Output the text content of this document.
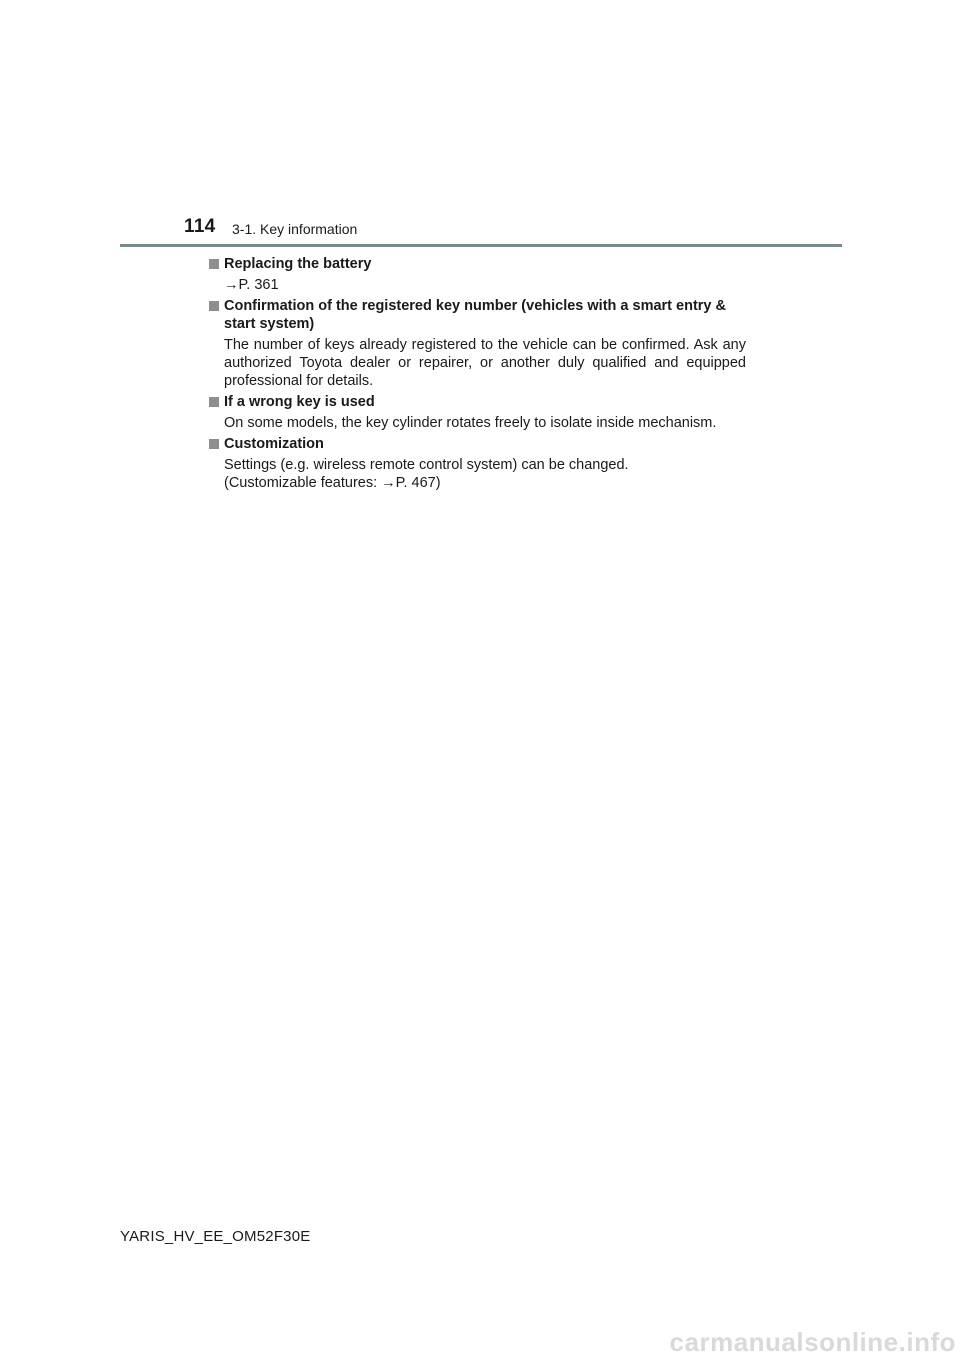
114 3-1. Key information
Replacing the battery

→P. 361

Confirmation of the registered key number (vehicles with a smart entry & start system)

The number of keys already registered to the vehicle can be confirmed. Ask any authorized Toyota dealer or repairer, or another duly qualified and equipped professional for details.

If a wrong key is used

On some models, the key cylinder rotates freely to isolate inside mechanism.

Customization

Settings (e.g. wireless remote control system) can be changed.

(Customizable features: →P. 467)

YARIS_HV_EE_OM52F30E
carmanualsonline.info
